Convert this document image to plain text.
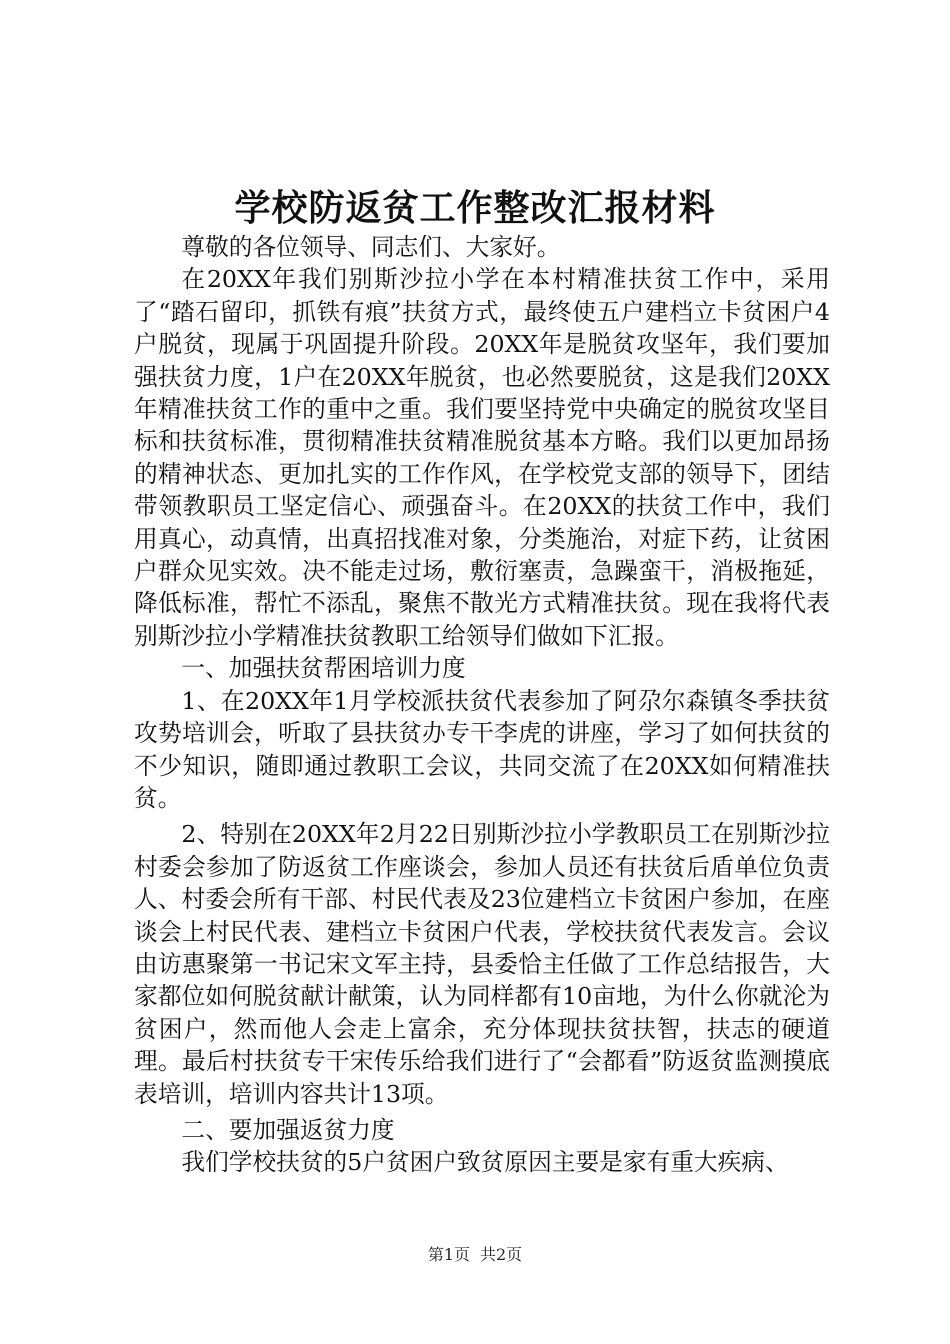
学校防返贫工作整改汇报材料

尊敬的各位领导、同志们、大家好。

在20XX年我们别斯沙拉小学在本村精准扶贫工作中，采用了“踏石留印，抓铁有痕”扶贫方式，最终使五户建档立卡贫困户4户脱贫，现属于巩固提升阶段。20XX年是脱贫攻坚年，我们要加强扶贫力度，1户在20XX年脱贫，也必然要脱贫，这是我们20XX年精准扶贫工作的重中之重。我们要坚持党中央确定的脱贫攻坚目标和扶贫标准，贯彻精准扶贫精准脱贫基本方略。我们以更加昂扬的精神状态、更加扎实的工作作风，在学校党支部的领导下，团结带领教职员工坚定信心、顽强奋斗。在20XX的扶贫工作中，我们用真心，动真情，出真招找准对象，分类施治，对症下药，让贫困户群众见实效。决不能走过场，敷衍塞责，急躁蛮干，消极拖延，降低标准，帮忙不添乱，聚焦不散光方式精准扶贫。现在我将代表别斯沙拉小学精准扶贫教职工给领导们做如下汇报。

一、加强扶贫帮困培训力度

1、在20XX年1月学校派扶贫代表参加了阿尕尔森镇冬季扶贫攻势培训会，听取了县扶贫办专干李虎的讲座，学习了如何扶贫的不少知识，随即通过教职工会议，共同交流了在20XX如何精准扶贫。

2、特别在20XX年2月22日别斯沙拉小学教职员工在别斯沙拉村委会参加了防返贫工作座谈会，参加人员还有扶贫后盾单位负责人、村委会所有干部、村民代表及23位建档立卡贫困户参加，在座谈会上村民代表、建档立卡贫困户代表，学校扶贫代表发言。会议由访惠聚第一书记宋文军主持，县委恰主任做了工作总结报告，大家都位如何脱贫献计献策，认为同样都有10亩地，为什么你就沦为贫困户，然而他人会走上富余，充分体现扶贫扶智，扶志的硬道理。最后村扶贫专干宋传乐给我们进行了“会都看”防返贫监测摸底表培训，培训内容共计13项。

二、要加强返贫力度

我们学校扶贫的5户贫困户致贫原因主要是家有重大疾病、

第1页 共2页
